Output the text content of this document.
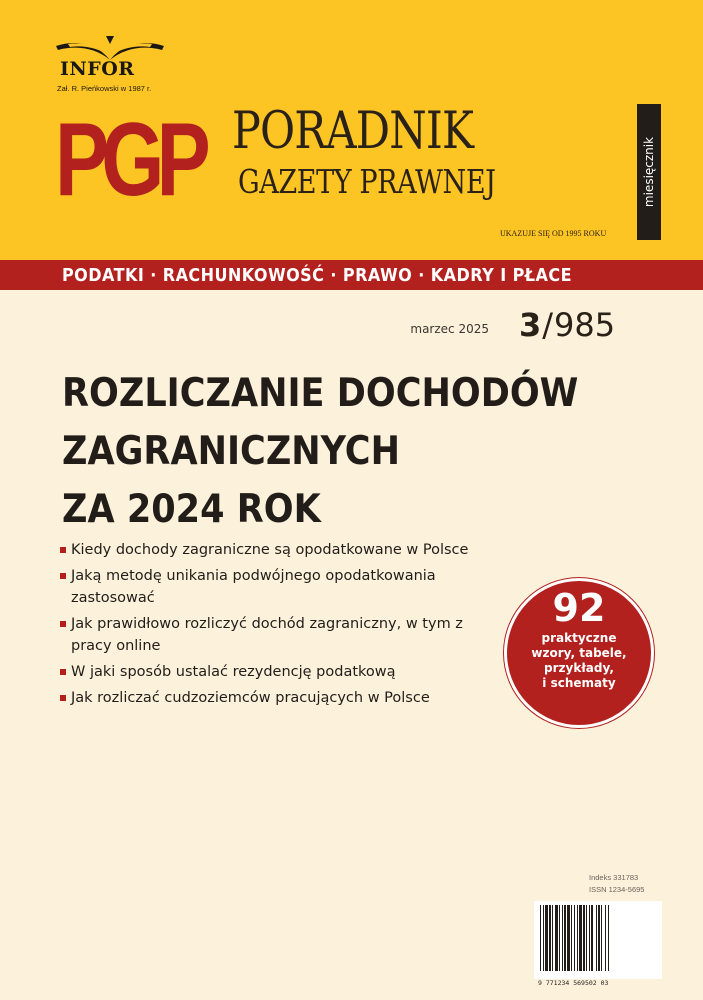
INFOR
Zał. R. Pieńkowski w 1987 r.
PGP PORADNIK
GAZETY PRAWNEJ
UKAZUJE SIĘ OD 1995 ROKU
miesięcznik
PODATKI · RACHUNKOWOŚĆ · PRAWO · KADRY I PŁACE
marzec 2025 3/985
ROZLICZANIE DOCHODÓW
ZAGRANICZNYCH
ZA 2024 ROK
Kiedy dochody zagraniczne są opodatkowane w Polsce
Jaką metodę unikania podwójnego opodatkowania zastosować
Jak prawidłowo rozliczyć dochód zagraniczny, w tym z pracy online
W jaki sposób ustalać rezydencję podatkową
Jak rozliczać cudzoziemców pracujących w Polsce
92
praktyczne
wzory, tabele,
przykłady,
i schematy
Indeks 331783
ISSN 1234-5695
9 771234 569502 03
